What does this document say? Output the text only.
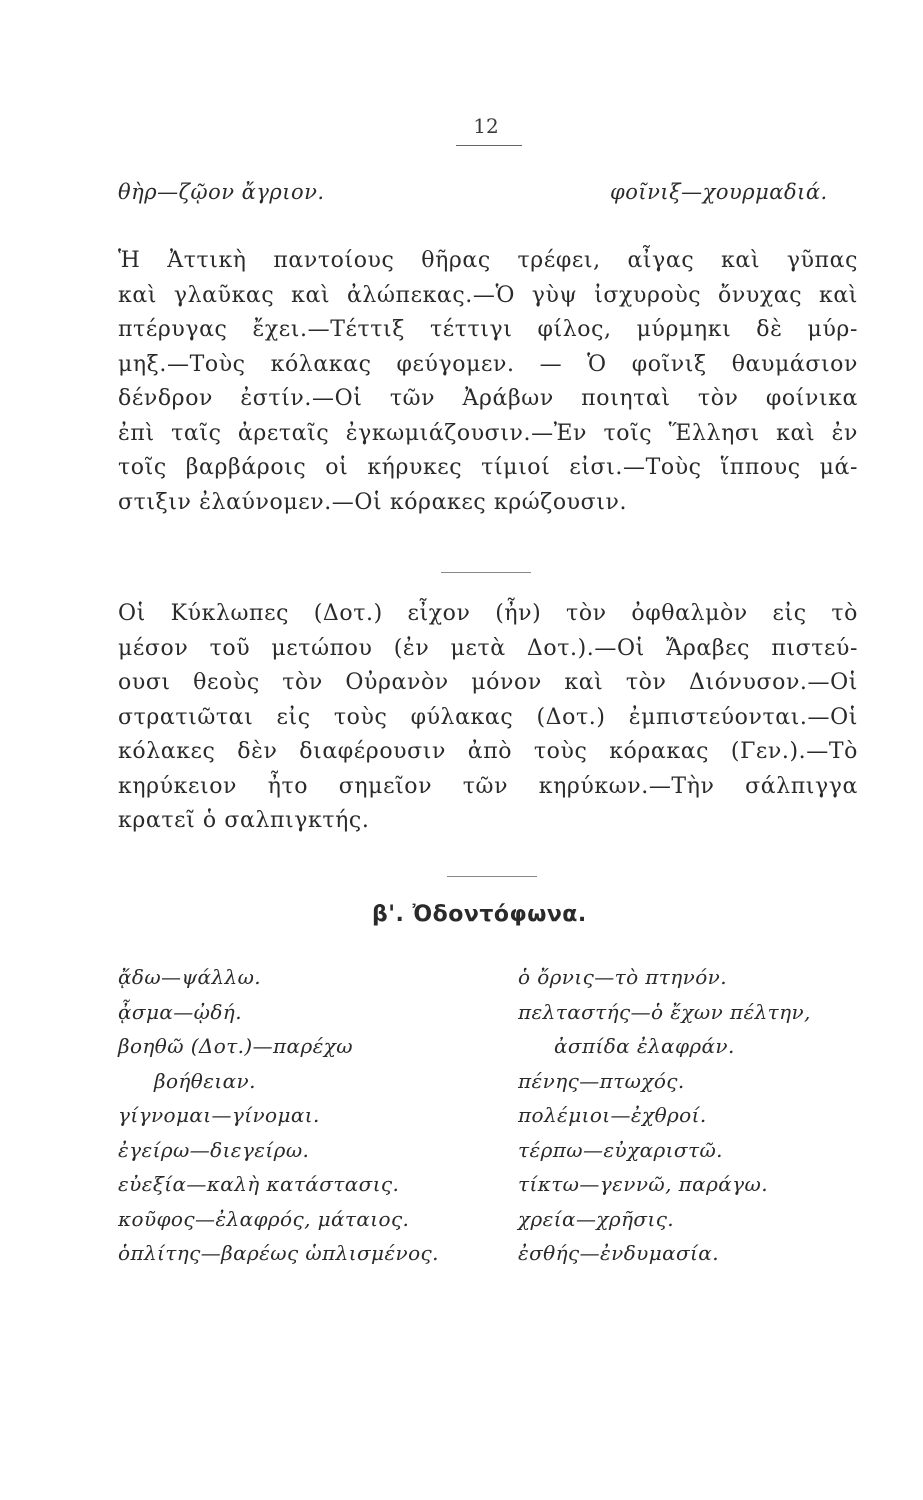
12
θὴρ—ζῷον ἄγριον.	φοῖνιξ—χουρμαδιά.
Ἡ Ἀττικὴ παντοίους θῆρας τρέφει, αἶγας καὶ γῦπας
καὶ γλαῦκας καὶ ἀλώπεκας.—Ὁ γὺψ ἰσχυροὺς ὄνυχας καὶ
πτέρυγας ἔχει.—Τέττιξ τέττιγι φίλος, μύρμηκι δὲ μύρ-
μηξ.—Τοὺς κόλακας φεύγομεν. — Ὁ φοῖνιξ θαυμάσιον
δένδρον ἐστίν.—Οἱ τῶν Ἀράβων ποιηταὶ τὸν φοίνικα
ἐπὶ ταῖς ἀρεταῖς ἐγκωμιάζουσιν.—Ἐν τοῖς Ἕλλησι καὶ ἐν
τοῖς βαρβάροις οἱ κήρυκες τίμιοί εἰσι.—Τοὺς ἵππους μά-
στιξιν ἐλαύνομεν.—Οἱ κόρακες κρώζουσιν.
Οἱ Κύκλωπες (Δοτ.) εἶχον (ἦν) τὸν ὀφθαλμὸν εἰς τὸ
μέσον τοῦ μετώπου (ἐν μετὰ Δοτ.).—Οἱ Ἄραβες πιστεύ-
ουσι θεοὺς τὸν Οὐρανὸν μόνον καὶ τὸν Διόνυσον.—Οἱ
στρατιῶται εἰς τοὺς φύλακας (Δοτ.) ἐμπιστεύονται.—Οἱ
κόλακες δὲν διαφέρουσιν ἀπὸ τοὺς κόρακας (Γεν.).—Τὸ
κηρύκειον ἦτο σημεῖον τῶν κηρύκων.—Τὴν σάλπιγγα
κρατεῖ ὁ σαλπιγκτής.
β'. Ὀδοντόφωνα.
ᾄδω—ψάλλω.
ᾆσμα—ᾠδή.
βοηθῶ (Δοτ.)—παρέχω
βοήθειαν.
γίγνομαι—γίνομαι.
ἐγείρω—διεγείρω.
εὐεξία—καλὴ κατάστασις.
κοῦφος—ἐλαφρός, μάταιος.
ὁπλίτης—βαρέως ὡπλισμένος.
ὁ ὄρνις—τὸ πτηνόν.
πελταστής—ὁ ἔχων πέλτην,
ἀσπίδα ἐλαφράν.
πένης—πτωχός.
πολέμιοι—ἐχθροί.
τέρπω—εὐχαριστῶ.
τίκτω—γεννῶ, παράγω.
χρεία—χρῆσις.
ἐσθής—ἐνδυμασία.
